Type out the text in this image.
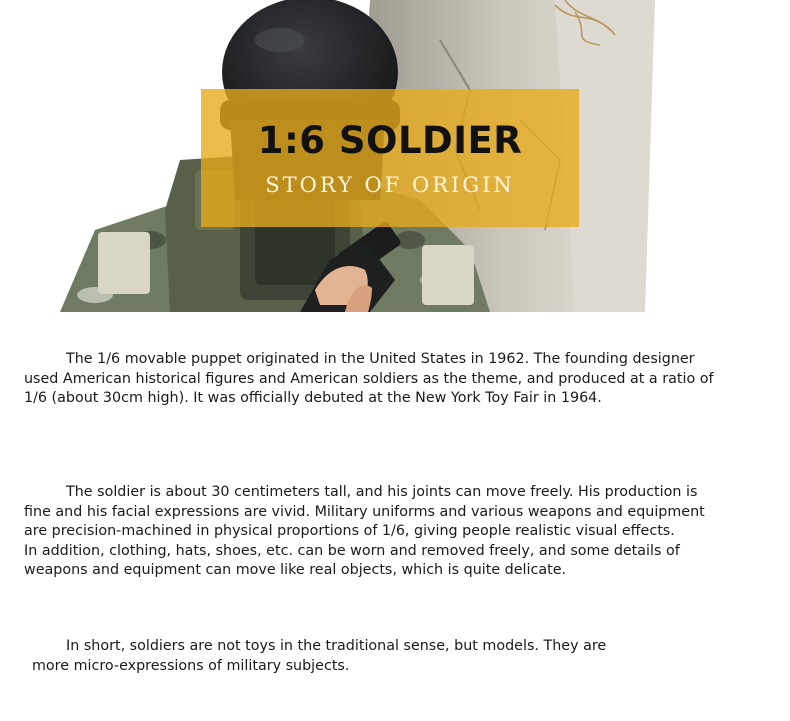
1:6 SOLDIER
STORY OF ORIGIN
The 1/6 movable puppet originated in the United States in 1962. The founding designer
used American historical figures and American soldiers as the theme, and produced at a ratio of
1/6 (about 30cm high). It was officially debuted at the New York Toy Fair in 1964.
The soldier is about 30 centimeters tall, and his joints can move freely. His production is
fine and his facial expressions are vivid. Military uniforms and various weapons and equipment
are precision-machined in physical proportions of 1/6, giving people realistic visual effects.
In addition, clothing, hats, shoes, etc. can be worn and removed freely, and some details of
weapons and equipment can move like real objects, which is quite delicate.
In short, soldiers are not toys in the traditional sense, but models. They are
more micro-expressions of military subjects.
